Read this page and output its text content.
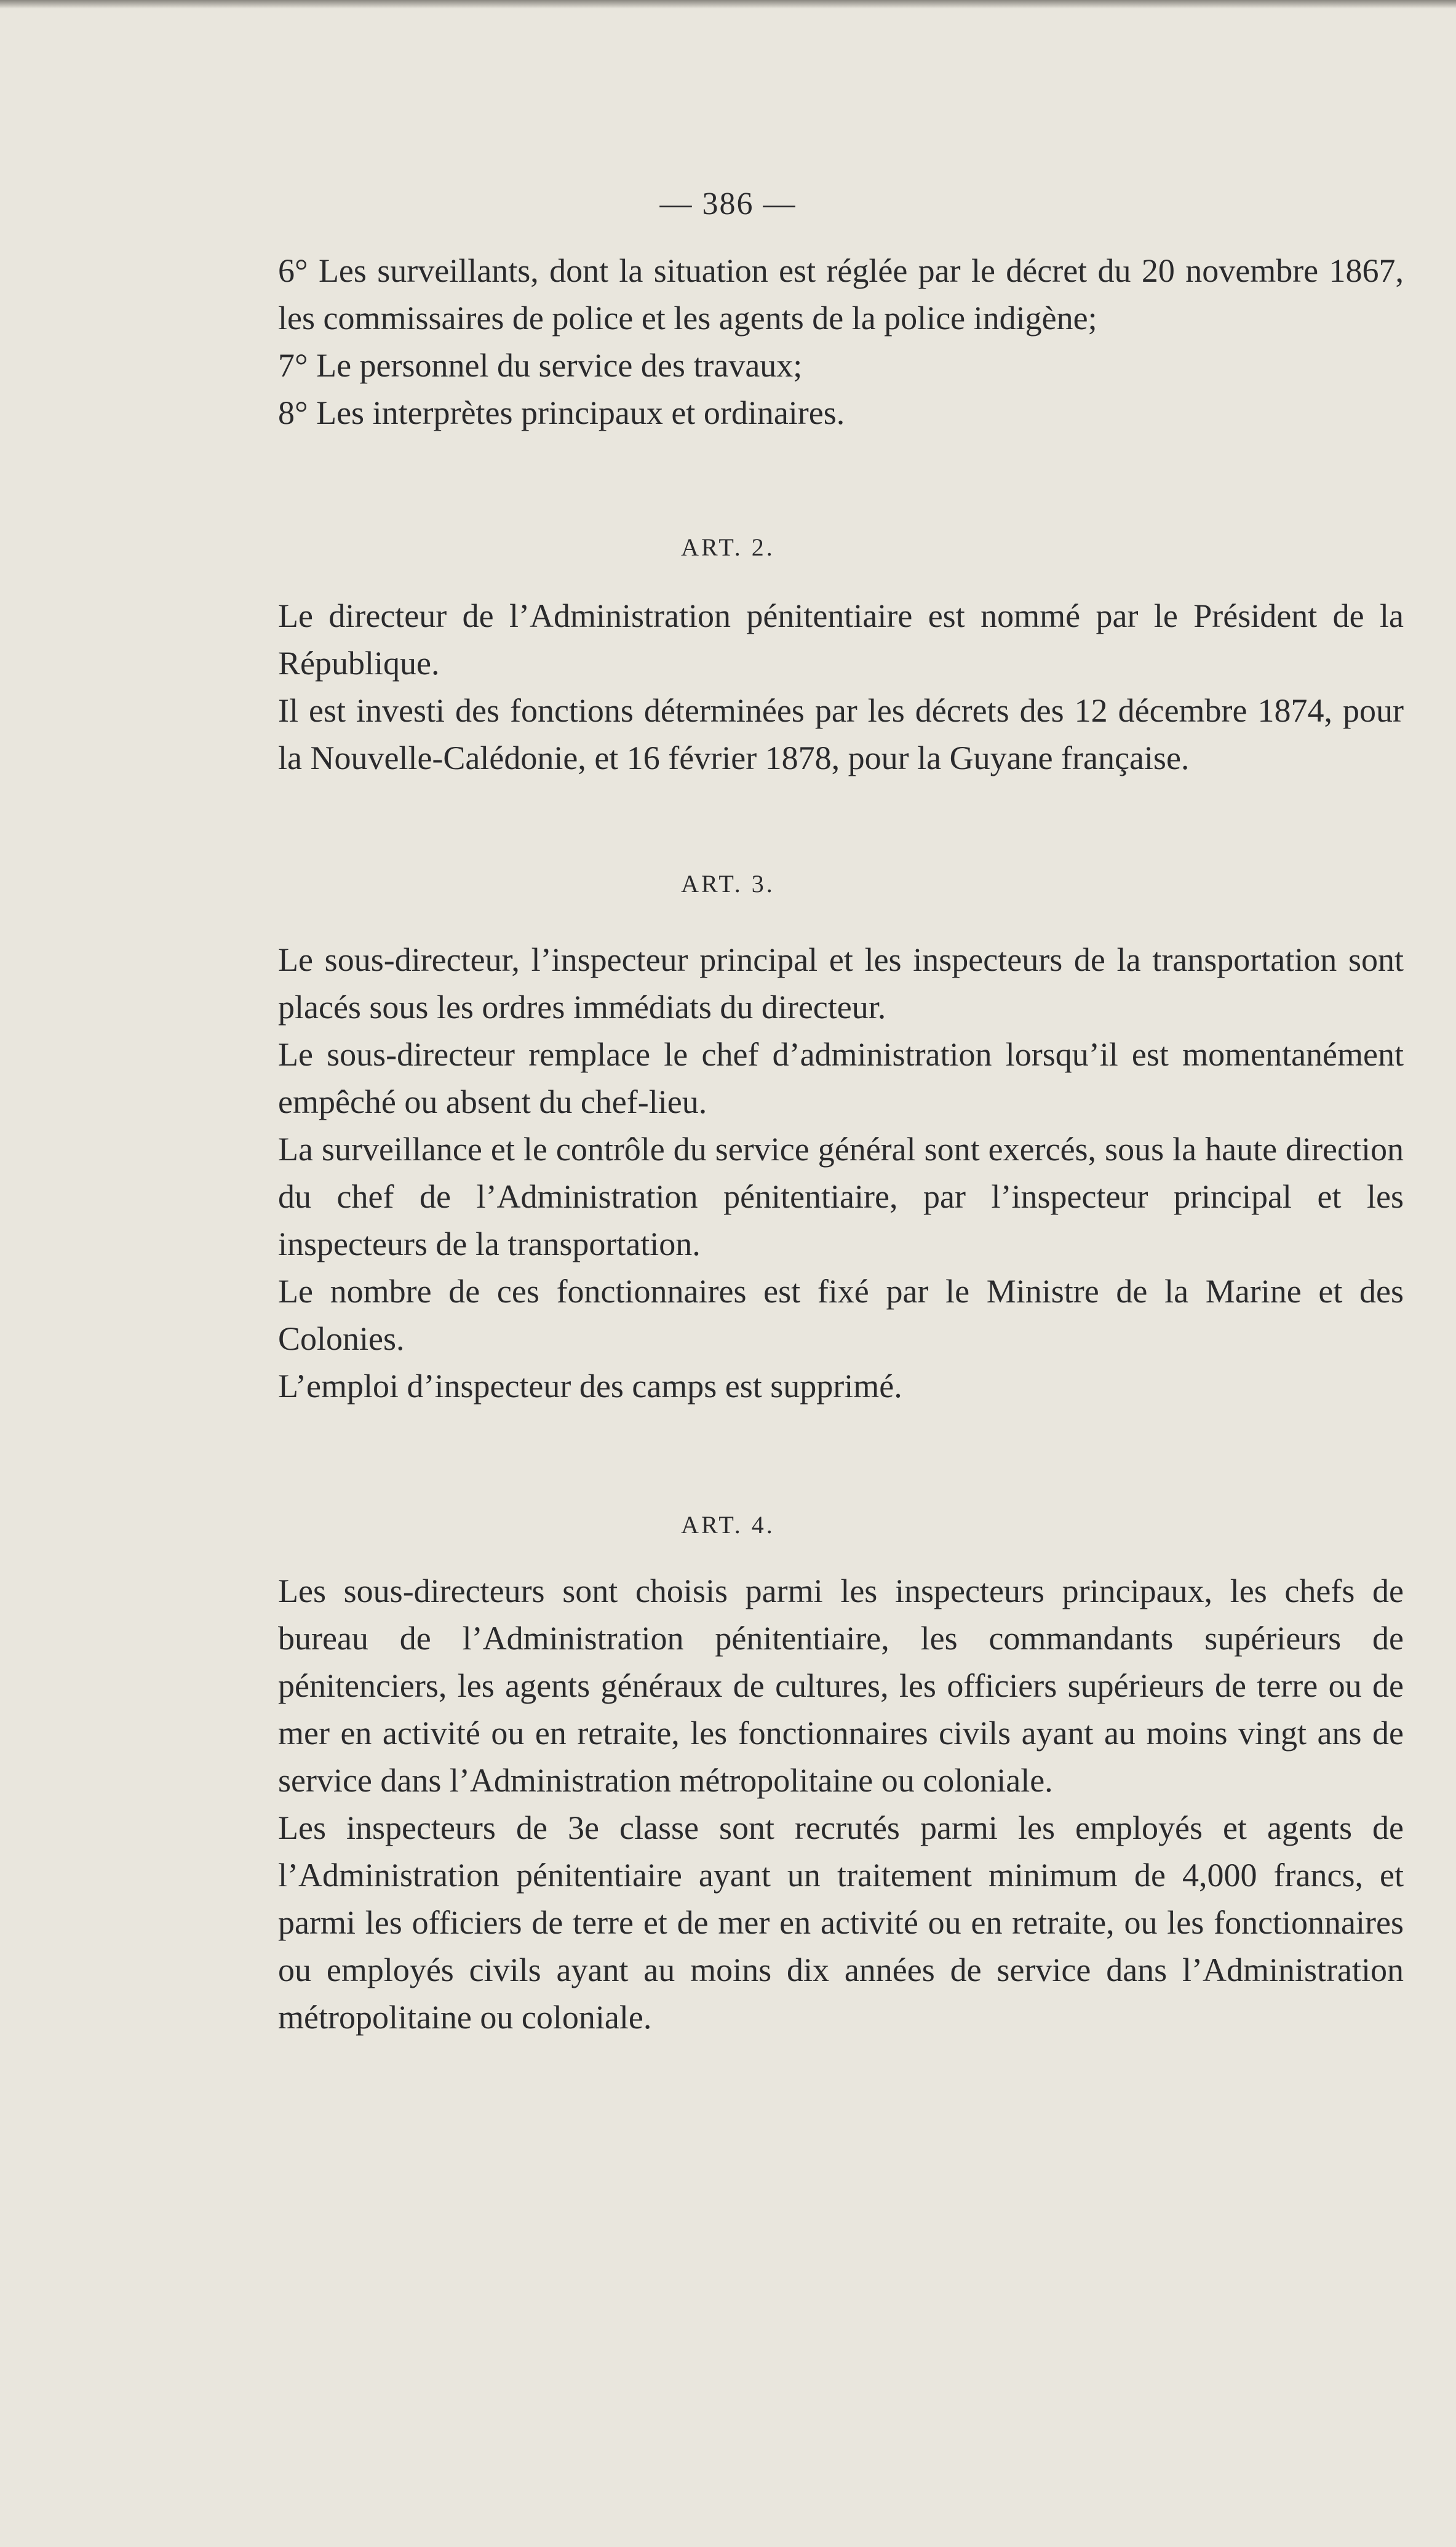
— 386 —

6° Les surveillants, dont la situation est réglée par le décret du 20 novembre 1867, les commissaires de police et les agents de la police indigène;

7° Le personnel du service des travaux;

8° Les interprètes principaux et ordinaires.

ART. 2.

Le directeur de l’Administration pénitentiaire est nommé par le Président de la République.

Il est investi des fonctions déterminées par les décrets des 12 décembre 1874, pour la Nouvelle-Calédonie, et 16 février 1878, pour la Guyane française.

ART. 3.

Le sous-directeur, l’inspecteur principal et les inspecteurs de la transportation sont placés sous les ordres immédiats du directeur.

Le sous-directeur remplace le chef d’administration lorsqu’il est momentanément empêché ou absent du chef-lieu.

La surveillance et le contrôle du service général sont exercés, sous la haute direction du chef de l’Administration pénitentiaire, par l’inspecteur principal et les inspecteurs de la transportation.

Le nombre de ces fonctionnaires est fixé par le Ministre de la Marine et des Colonies.

L’emploi d’inspecteur des camps est supprimé.

ART. 4.

Les sous-directeurs sont choisis parmi les inspecteurs principaux, les chefs de bureau de l’Administration pénitentiaire, les commandants supérieurs de pénitenciers, les agents généraux de cultures, les officiers supérieurs de terre ou de mer en activité ou en retraite, les fonctionnaires civils ayant au moins vingt ans de service dans l’Administration métropolitaine ou coloniale.

Les inspecteurs de 3e classe sont recrutés parmi les employés et agents de l’Administration pénitentiaire ayant un traitement minimum de 4,000 francs, et parmi les officiers de terre et de mer en activité ou en retraite, ou les fonctionnaires ou employés civils ayant au moins dix années de service dans l’Administration métropolitaine ou coloniale.
